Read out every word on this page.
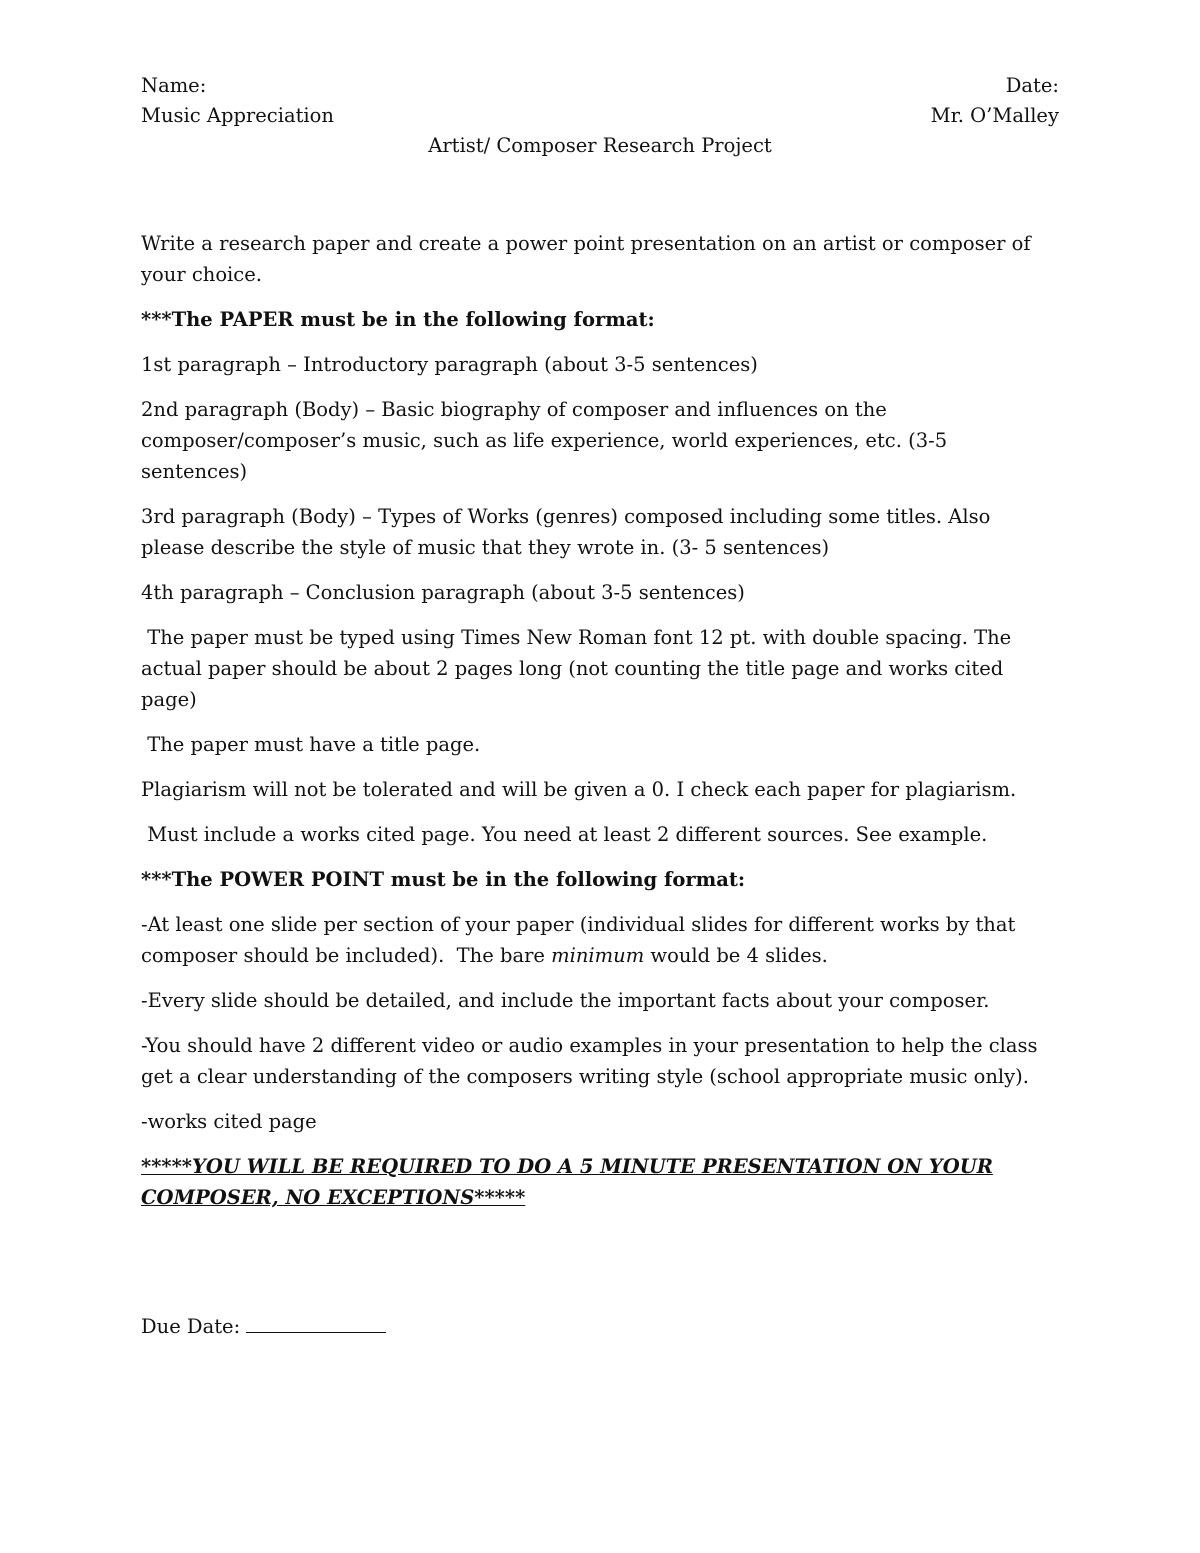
Name:	Date:
Music Appreciation	Mr. O’Malley
Artist/ Composer Research Project

Write a research paper and create a power point presentation on an artist or composer of your choice.

***The PAPER must be in the following format:

1st paragraph – Introductory paragraph (about 3-5 sentences)

2nd paragraph (Body) – Basic biography of composer and influences on the composer/composer’s music, such as life experience, world experiences, etc. (3-5 sentences)

3rd paragraph (Body) – Types of Works (genres) composed including some titles. Also please describe the style of music that they wrote in. (3- 5 sentences)

4th paragraph – Conclusion paragraph (about 3-5 sentences)

The paper must be typed using Times New Roman font 12 pt. with double spacing. The actual paper should be about 2 pages long (not counting the title page and works cited page)

The paper must have a title page.

Plagiarism will not be tolerated and will be given a 0. I check each paper for plagiarism.

Must include a works cited page. You need at least 2 different sources. See example.

***The POWER POINT must be in the following format:

-At least one slide per section of your paper (individual slides for different works by that composer should be included).  The bare minimum would be 4 slides.

-Every slide should be detailed, and include the important facts about your composer.

-You should have 2 different video or audio examples in your presentation to help the class get a clear understanding of the composers writing style (school appropriate music only).

-works cited page

*****YOU WILL BE REQUIRED TO DO A 5 MINUTE PRESENTATION ON YOUR COMPOSER, NO EXCEPTIONS*****

Due Date:
